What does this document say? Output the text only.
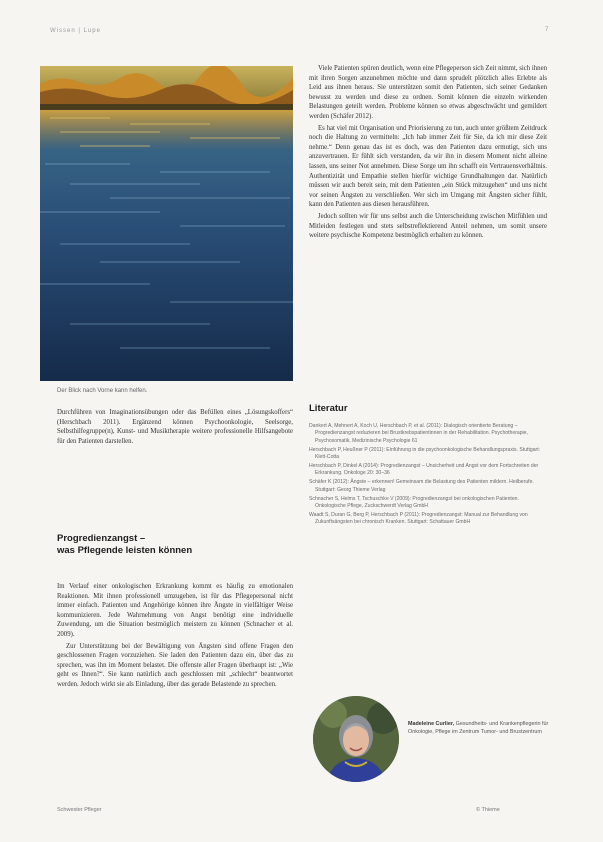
Wissen | Lupe	7
Der Blick nach Vorne kann helfen.

Durchführen von Imaginationsübungen oder das Befüllen eines „Lösungskoffers“ (Herschbach 2011). Ergänzend können Psychoonkologie, Seelsorge, Selbsthilfegruppe(n), Kunst- und Musiktherapie weitere professionelle Hilfsangebote für den Patienten darstellen.

Progredienzangst –
was Pflegende leisten können

Im Verlauf einer onkologischen Erkrankung kommt es häufig zu emotionalen Reaktionen. Mit ihnen professionell umzugehen, ist für das Pflegepersonal nicht immer einfach. Patienten und Angehörige können ihre Ängste in vielfältiger Weise kommunizieren. Jede Wahrnehmung von Angst benötigt eine individuelle Zuwendung, um die Situation bestmöglich meistern zu können (Schnacher et al. 2009).

Zur Unterstützung bei der Bewältigung von Ängsten sind offene Fragen den geschlossenen Fragen vorzuziehen. Sie laden den Patienten dazu ein, über das zu sprechen, was ihn im Moment belastet. Die offenste aller Fragen überhaupt ist: „Wie geht es Ihnen?“. Sie kann natürlich auch geschlossen mit „schlecht“ beantwortet werden. Jedoch wirkt sie als Einladung, über das gerade Belastende zu sprechen.

Viele Patienten spüren deutlich, wenn eine Pflegeperson sich Zeit nimmt, sich ihnen mit ihren Sorgen anzunehmen möchte und dann sprudelt plötzlich alles Erlebte als Leid aus ihnen heraus. Sie unterstützen somit den Patienten, sich seiner Gedanken bewusst zu werden und diese zu ordnen. Somit können die einzeln wirkenden Belastungen geteilt werden. Probleme können so etwas abgeschwächt und gemildert werden (Schäfer 2012).

Es hat viel mit Organisation und Priorisierung zu tun, auch unter größtem Zeitdruck noch die Haltung zu vermitteln: „Ich hab immer Zeit für Sie, da ich mir diese Zeit nehme.“ Denn genau das ist es doch, was den Patienten dazu ermutigt, sich uns anzuvertrauen. Er fühlt sich verstanden, da wir ihn in diesem Moment nicht alleine lassen, uns seiner Not annehmen. Diese Sorge um ihn schafft ein Vertrauensverhältnis. Authentizität und Empathie stellen hierfür wichtige Grundhaltungen dar. Natürlich müssen wir auch bereit sein, mit dem Patienten „ein Stück mitzugehen“ und uns nicht vor seinen Ängsten zu verschließen. Wer sich im Umgang mit Ängsten sicher fühlt, kann den Patienten aus diesen herausführen.

Jedoch sollten wir für uns selbst auch die Unterscheidung zwischen Mitfühlen und Mitleiden festlegen und stets selbstreflektierend Anteil nehmen, um somit unsere weitere psychische Kompetenz bestmöglich erhalten zu können.

Literatur
Dankert A, Mehnert A, Koch U, Herschbach P, et al. (2011): Dialogisch orientierte Beratung – Progredienzangst reduzieren bei Brustkrebspatientinnen in der Rehabilitation. Psychotherapie, Psychosomatik, Medizinische Psychologie 61
Herschbach P, Heußner P (2011): Einführung in die psychoonkologische Behandlungspraxis. Stuttgart: Klett-Cotta
Herschbach P, Dinkel A (2014): Progredienzangst – Unsicherheit und Angst vor dem Fortschreiten der Erkrankung. Onkologe 20: 30–36
Schäfer K (2012): Ängste – erkennen! Gemeinsam die Belastung des Patienten mildern. Heilberufe. Stuttgart: Georg Thieme Verlag
Schnacher S, Helms T, Tschuschke V (2009): Progredienzangst bei onkologischen Patienten. Onkologische Pflege, Zuckschwerdt Verlag GmbH
Waadt S, Duran G, Berg P, Herschbach P (2011): Progredienzangst: Manual zur Behandlung von Zukunftsängsten bei chronisch Kranken. Stuttgart: Schattauer GmbH
Madeleine Curlier, Gesundheits- und Krankenpflegerin für Onkologie, Pflege im Zentrum Tumor- und Brustzentrum
Schwester Pfleger	© Thieme
